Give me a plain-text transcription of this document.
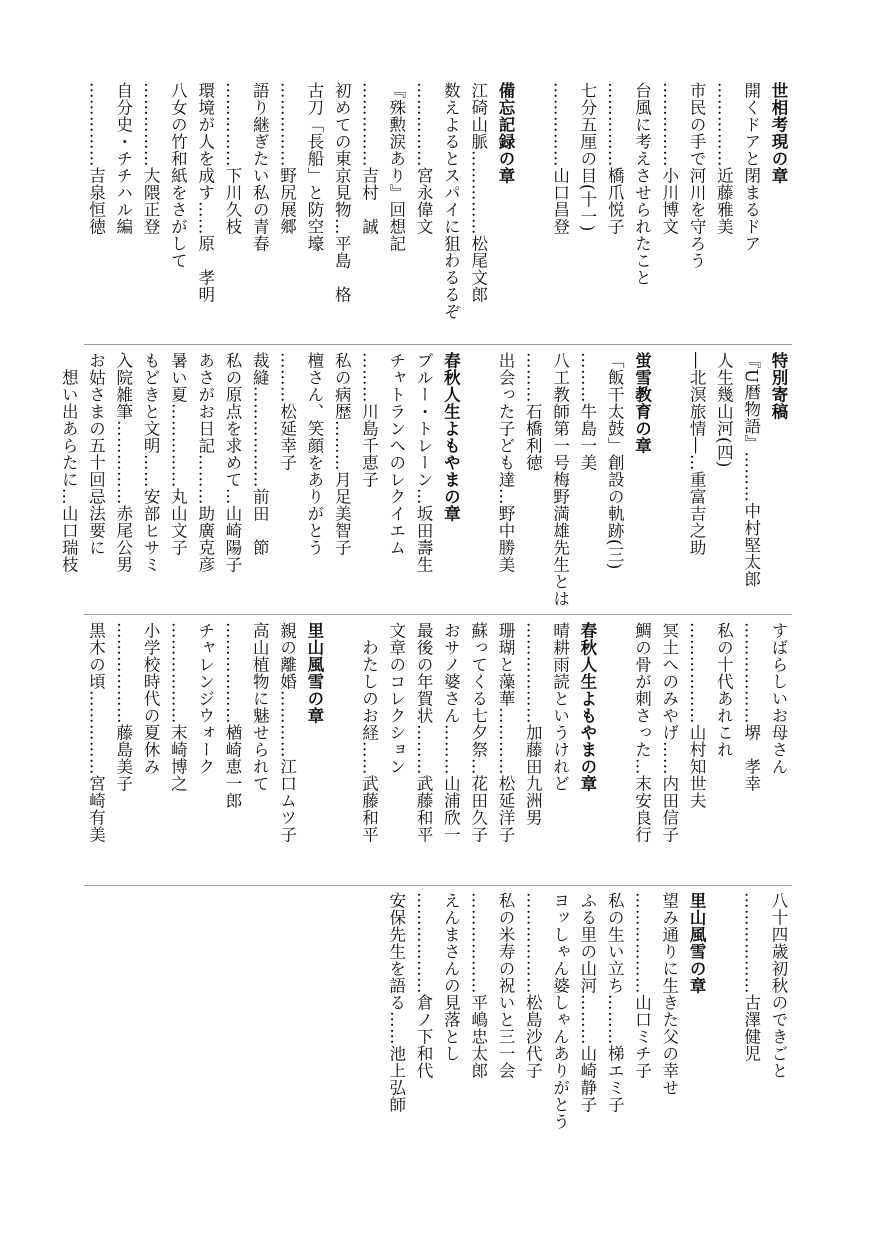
世相考現の章
開くドアと閉まるドア
……………近藤雅美
市民の手で河川を守ろう
……………小川博文
台風に考えさせられたこと
……………橋爪悦子
七分五厘の目(十一)
……………山口昌登
備忘記録の章
江碕山脈……………松尾文郎
数えよるとスパイに狙わるるぞ
……………宮永偉文
『殊勲涙あり』回想記
……………吉村　誠
初めての東京見物…平島　格
古刀「長船」と防空壕
……………野尻展郷
語り継ぎたい私の青春
……………下川久枝
環境が人を成す……原　孝明
八女の竹和紙をさがして
……………大隈正登
自分史・チチハル編
……………吉泉恒徳
特別寄稿
『U暦物語』………中村堅太郎
人生幾山河(四)
―北溟旅情―…重富吉之助
蛍雪教育の章
「飯干太鼓」創設の軌跡(三)
………牛島一美
八工教師第一号梅野満雄先生とは
………石橋利徳
出会った子ども達…野中勝美
春秋人生よもやまの章
ブルー・トレーン…坂田壽生
チャトランへのレクイエム
………川島千恵子
私の病歴………月足美智子
檀さん、笑顔をありがとう
………松延幸子
裁縫………………前田　節
私の原点を求めて…山崎陽子
あさがお日記………助廣克彦
暑い夏……………丸山文子
もどきと文明……安部ヒサミ
入院雑筆……………赤尾公男
お姑さまの五十回忌法要に
　想い出あらたに…山口瑞枝
すばらしいお母さん
………………堺　孝幸
私の十代あれこれ
………………山村知世夫
冥土へのみやげ……内田信子
鯛の骨が刺さった…末安良行
春秋人生よもやまの章
晴耕雨読というけれど
………………加藤田九洲男
珊瑚と藻華…………松延洋子
蘇ってくる七夕祭…花田久子
おサノ婆さん………山浦欣一
最後の年賀状………武藤和平
文章のコレクション
　わたしのお経……武藤和平
里山風雪の章
親の離婚…………江口ムツ子
高山植物に魅せられて
………………楢崎恵一郎
チャレンジウォーク
………………末崎博之
小学校時代の夏休み
………………藤島美子
黒木の頃……………宮崎有美
八十四歳初秋のできごと
………………古澤健児
里山風雪の章
望み通りに生きた父の幸せ
………………山口ミチ子
私の生い立ち………梯エミ子
ふる里の山河………山崎静子
ヨッしゃん婆しゃんありがとう
………………松島沙代子
私の米寿の祝いと三一会
………………平嶋忠太郎
えんまさんの見落とし
………………倉ノ下和代
安保先生を語る……池上弘師
